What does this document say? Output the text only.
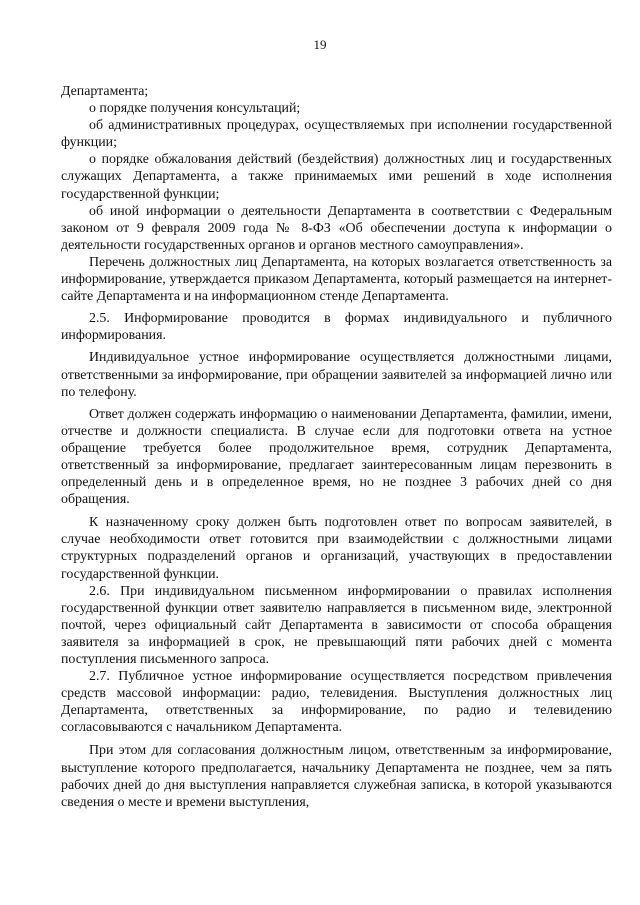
19

Департамента;

о порядке получения консультаций;

об административных процедурах, осуществляемых при исполнении государственной функции;

о порядке обжалования действий (бездействия) должностных лиц и государственных служащих Департамента, а также принимаемых ими решений в ходе исполнения государственной функции;

об иной информации о деятельности Департамента в соответствии с Федеральным законом от 9 февраля 2009 года № 8-ФЗ «Об обеспечении доступа к информации о деятельности государственных органов и органов местного самоуправления».

Перечень должностных лиц Департамента, на которых возлагается ответственность за информирование, утверждается приказом Департамента, который размещается на интернет-сайте Департамента и на информационном стенде Департамента.

2.5. Информирование проводится в формах индивидуального и публичного информирования.

Индивидуальное устное информирование осуществляется должностными лицами, ответственными за информирование, при обращении заявителей за информацией лично или по телефону.

Ответ должен содержать информацию о наименовании Департамента, фамилии, имени, отчестве и должности специалиста. В случае если для подготовки ответа на устное обращение требуется более продолжительное время, сотрудник Департамента, ответственный за информирование, предлагает заинтересованным лицам перезвонить в определенный день и в определенное время, но не позднее 3 рабочих дней со дня обращения.

К назначенному сроку должен быть подготовлен ответ по вопросам заявителей, в случае необходимости ответ готовится при взаимодействии с должностными лицами структурных подразделений органов и организаций, участвующих в предоставлении государственной функции.

2.6. При индивидуальном письменном информировании о правилах исполнения государственной функции ответ заявителю направляется в письменном виде, электронной почтой, через официальный сайт Департамента в зависимости от способа обращения заявителя за информацией в срок, не превышающий пяти рабочих дней с момента поступления письменного запроса.

2.7. Публичное устное информирование осуществляется посредством привлечения средств массовой информации: радио, телевидения. Выступления должностных лиц Департамента, ответственных за информирование, по радио и телевидению согласовываются с начальником Департамента.

При этом для согласования должностным лицом, ответственным за информирование, выступление которого предполагается, начальнику Департамента не позднее, чем за пять рабочих дней до дня выступления направляется служебная записка, в которой указываются сведения о месте и времени выступления,
